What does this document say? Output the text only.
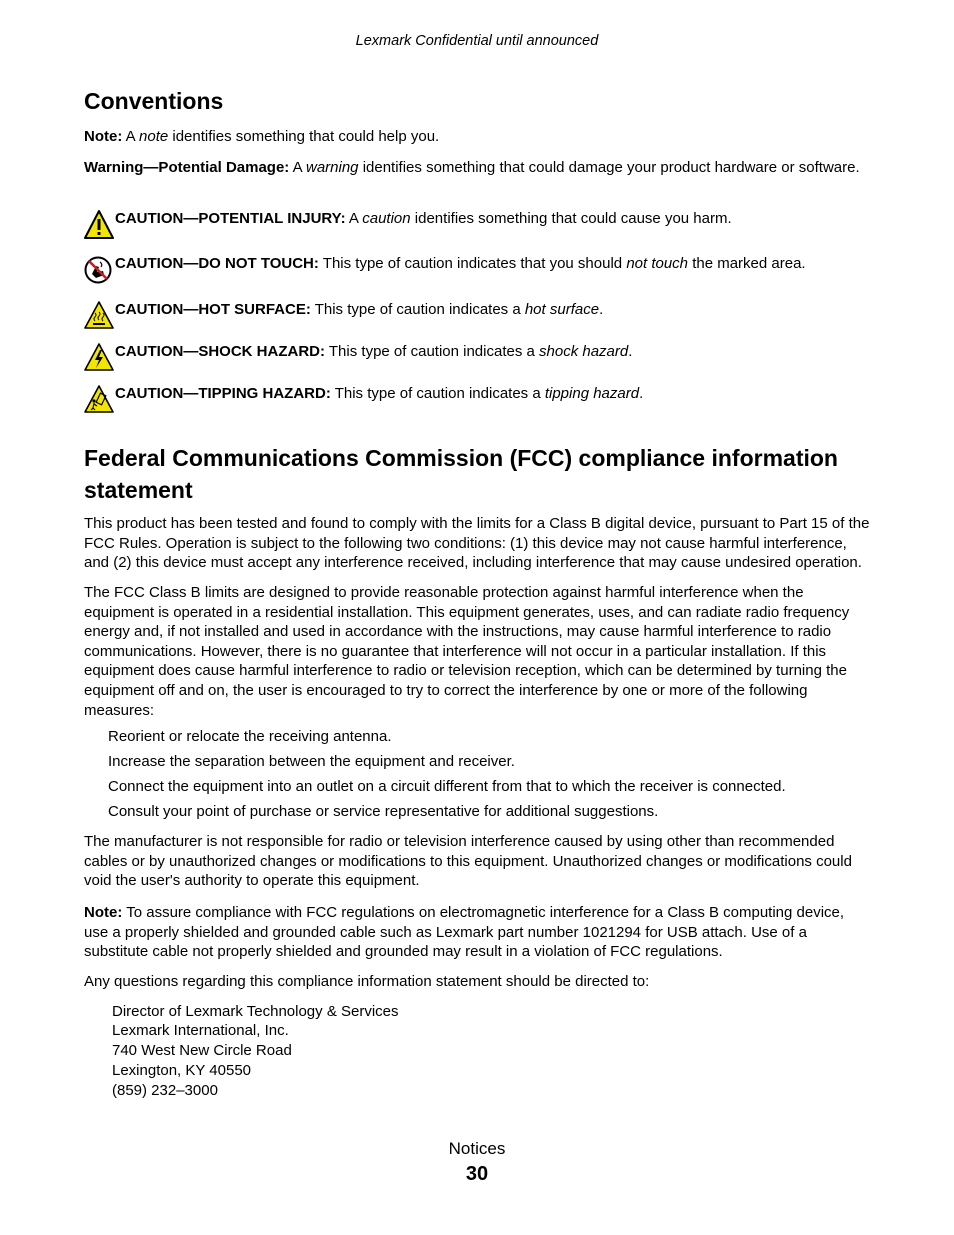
Lexmark Confidential until announced
Conventions
Note: A note identifies something that could help you.
Warning—Potential Damage: A warning identifies something that could damage your product hardware or software.
CAUTION—POTENTIAL INJURY: A caution identifies something that could cause you harm.
CAUTION—DO NOT TOUCH: This type of caution indicates that you should not touch the marked area.
CAUTION—HOT SURFACE: This type of caution indicates a hot surface.
CAUTION—SHOCK HAZARD: This type of caution indicates a shock hazard.
CAUTION—TIPPING HAZARD: This type of caution indicates a tipping hazard.
Federal Communications Commission (FCC) compliance information statement
This product has been tested and found to comply with the limits for a Class B digital device, pursuant to Part 15 of the FCC Rules. Operation is subject to the following two conditions: (1) this device may not cause harmful interference, and (2) this device must accept any interference received, including interference that may cause undesired operation.
The FCC Class B limits are designed to provide reasonable protection against harmful interference when the equipment is operated in a residential installation. This equipment generates, uses, and can radiate radio frequency energy and, if not installed and used in accordance with the instructions, may cause harmful interference to radio communications. However, there is no guarantee that interference will not occur in a particular installation. If this equipment does cause harmful interference to radio or television reception, which can be determined by turning the equipment off and on, the user is encouraged to try to correct the interference by one or more of the following measures:
Reorient or relocate the receiving antenna.
Increase the separation between the equipment and receiver.
Connect the equipment into an outlet on a circuit different from that to which the receiver is connected.
Consult your point of purchase or service representative for additional suggestions.
The manufacturer is not responsible for radio or television interference caused by using other than recommended cables or by unauthorized changes or modifications to this equipment. Unauthorized changes or modifications could void the user's authority to operate this equipment.
Note: To assure compliance with FCC regulations on electromagnetic interference for a Class B computing device, use a properly shielded and grounded cable such as Lexmark part number 1021294 for USB attach. Use of a substitute cable not properly shielded and grounded may result in a violation of FCC regulations.
Any questions regarding this compliance information statement should be directed to:
Director of Lexmark Technology & Services
Lexmark International, Inc.
740 West New Circle Road
Lexington, KY 40550
(859) 232–3000
Notices
30
